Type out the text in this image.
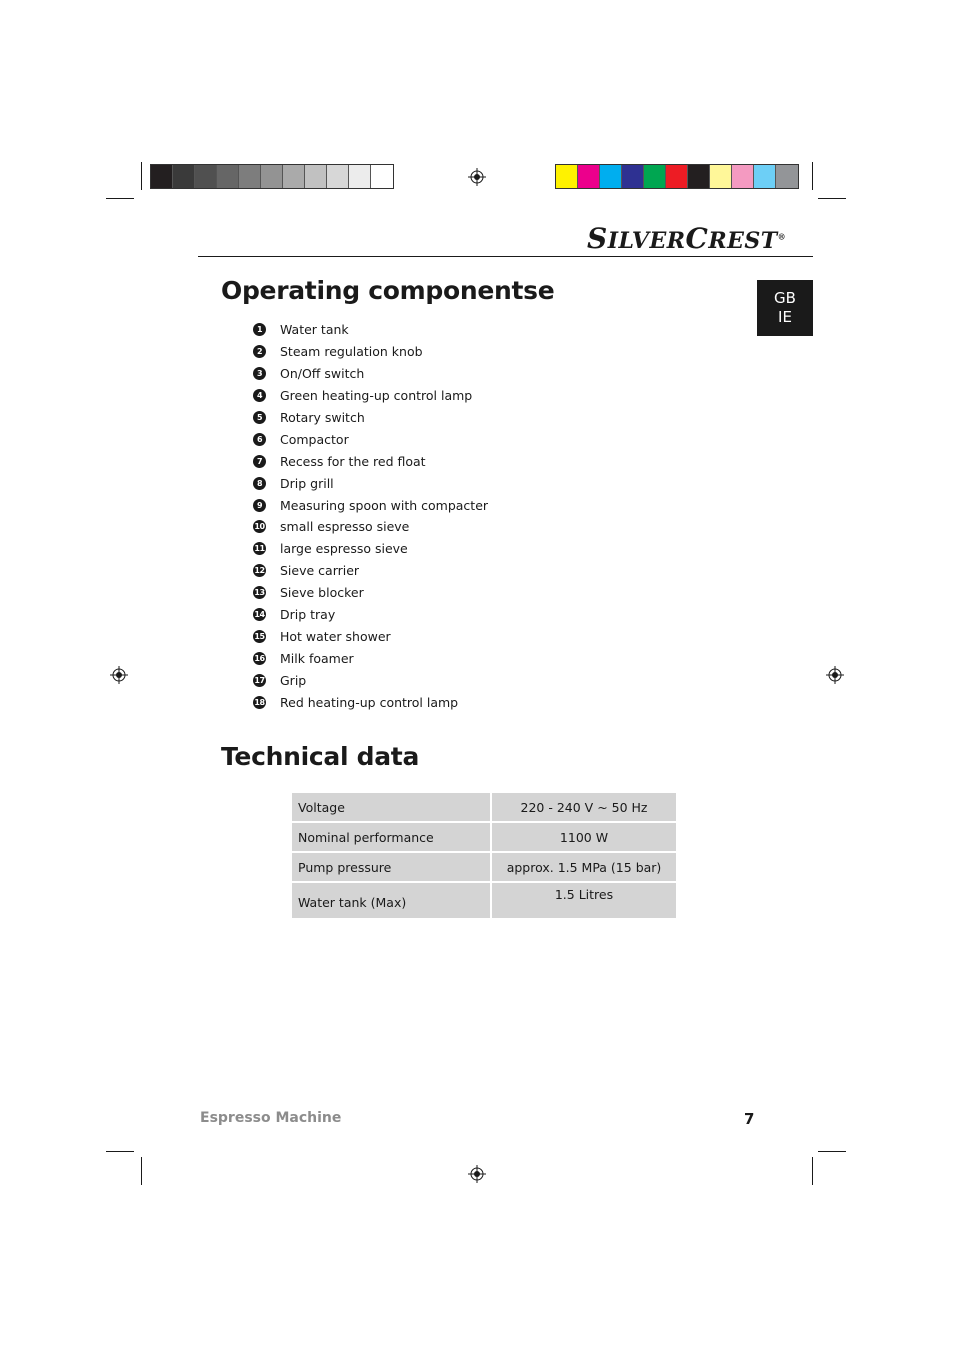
SILVERCREST®
GB
IE
Operating componentse
1	Water tank
2	Steam regulation knob
3	On/Off switch
4	Green heating-up control lamp
5	Rotary switch
6	Compactor
7	Recess for the red float
8	Drip grill
9	Measuring spoon with compacter
10 small espresso sieve
11 large espresso sieve
12 Sieve carrier
13 Sieve blocker
14 Drip tray
15 Hot water shower
16 Milk foamer
17 Grip
18 Red heating-up control lamp
Technical data
Voltage	220 - 240 V ~ 50 Hz
Nominal performance	1100 W
Pump pressure	approx. 1.5 MPa (15 bar)
Water tank (Max)	1.5 Litres
Espresso Machine	7
